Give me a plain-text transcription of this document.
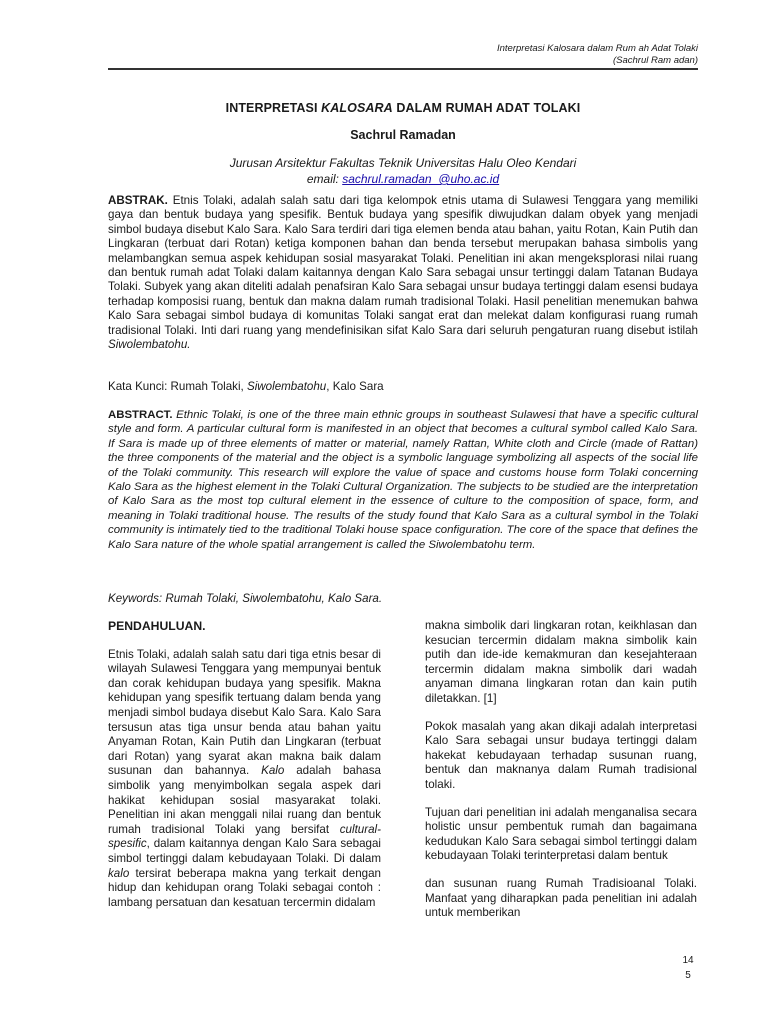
Interpretasi Kalosara dalam Rum ah Adat Tolaki
(Sachrul Ram adan)
INTERPRETASI KALOSARA DALAM RUMAH ADAT TOLAKI
Sachrul Ramadan
Jurusan Arsitektur Fakultas Teknik Universitas Halu Oleo Kendari
email: sachrul.ramadan_@uho.ac.id

ABSTRAK. Etnis Tolaki, adalah salah satu dari tiga kelompok etnis utama di Sulawesi Tenggara yang memiliki gaya dan bentuk budaya yang spesifik. Bentuk budaya yang spesifik diwujudkan dalam obyek yang menjadi simbol budaya disebut Kalo Sara. Kalo Sara terdiri dari tiga elemen benda atau bahan, yaitu Rotan, Kain Putih dan Lingkaran (terbuat dari Rotan) ketiga komponen bahan dan benda tersebut merupakan bahasa simbolis yang melambangkan semua aspek kehidupan sosial masyarakat Tolaki. Penelitian ini akan mengeksplorasi nilai ruang dan bentuk rumah adat Tolaki dalam kaitannya dengan Kalo Sara sebagai unsur tertinggi dalam Tatanan Budaya Tolaki. Subyek yang akan diteliti adalah penafsiran Kalo Sara sebagai unsur budaya tertinggi dalam esensi budaya terhadap komposisi ruang, bentuk dan makna dalam rumah tradisional Tolaki. Hasil penelitian menemukan bahwa Kalo Sara sebagai simbol budaya di komunitas Tolaki sangat erat dan melekat dalam konfigurasi ruang rumah tradisional Tolaki. Inti dari ruang yang mendefinisikan sifat Kalo Sara dari seluruh pengaturan ruang disebut istilah Siwolembatohu.

Kata Kunci: Rumah Tolaki, Siwolembatohu, Kalo Sara

ABSTRACT. Ethnic Tolaki, is one of the three main ethnic groups in southeast Sulawesi that have a specific cultural style and form. A particular cultural form is manifested in an object that becomes a cultural symbol called Kalo Sara. If Sara is made up of three elements of matter or material, namely Rattan, White cloth and Circle (made of Rattan) the three components of the material and the object is a symbolic language symbolizing all aspects of the social life of the Tolaki community. This research will explore the value of space and customs house form Tolaki concerning Kalo Sara as the highest element in the Tolaki Cultural Organization. The subjects to be studied are the interpretation of Kalo Sara as the most top cultural element in the essence of culture to the composition of space, form, and meaning in Tolaki traditional house. The results of the study found that Kalo Sara as a cultural symbol in the Tolaki community is intimately tied to the traditional Tolaki house space configuration. The core of the space that defines the Kalo Sara nature of the whole spatial arrangement is called the Siwolembatohu term.

Keywords: Rumah Tolaki, Siwolembatohu, Kalo Sara.

PENDAHULUAN.

Etnis Tolaki, adalah salah satu dari tiga etnis besar di wilayah Sulawesi Tenggara yang mempunyai bentuk dan corak kehidupan budaya yang spesifik. Makna kehidupan yang spesifik tertuang dalam benda yang menjadi simbol budaya disebut Kalo Sara. Kalo Sara tersusun atas tiga unsur benda atau bahan yaitu Anyaman Rotan, Kain Putih dan Lingkaran (terbuat dari Rotan) yang syarat akan makna baik dalam susunan dan bahannya. Kalo adalah bahasa simbolik yang menyimbolkan segala aspek dari hakikat kehidupan sosial masyarakat tolaki. Penelitian ini akan menggali nilai ruang dan bentuk rumah tradisional Tolaki yang bersifat cultural-spesific, dalam kaitannya dengan Kalo Sara sebagai simbol tertinggi dalam kebudayaan Tolaki. Di dalam kalo tersirat beberapa makna yang terkait dengan hidup dan kehidupan orang Tolaki sebagai contoh : lambang persatuan dan kesatuan tercermin didalam

makna simbolik dari lingkaran rotan, keikhlasan dan kesucian tercermin didalam makna simbolik kain putih dan ide-ide kemakmuran dan kesejahteraan tercermin didalam makna simbolik dari wadah anyaman dimana lingkaran rotan dan kain putih diletakkan. [1]

Pokok masalah yang akan dikaji adalah interpretasi Kalo Sara sebagai unsur budaya tertinggi dalam hakekat kebudayaan terhadap susunan ruang, bentuk dan maknanya dalam Rumah tradisional tolaki.

Tujuan dari penelitian ini adalah menganalisa secara holistic unsur pembentuk rumah dan bagaimana kedudukan Kalo Sara sebagai simbol tertinggi dalam kebudayaan Tolaki terinterpretasi dalam bentuk

dan susunan ruang Rumah Tradisioanal Tolaki. Manfaat yang diharapkan pada penelitian ini adalah untuk memberikan

14
5
